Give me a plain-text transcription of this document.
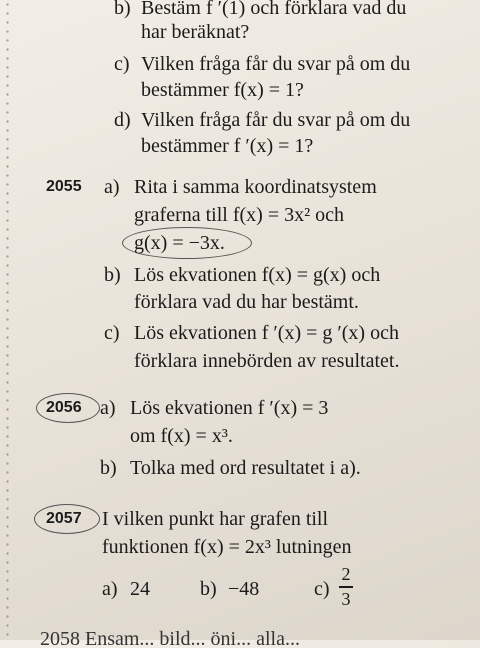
b) Bestäm f ′(1) och förklara vad du
har beräknat?
c) Vilken fråga får du svar på om du
bestämmer f(x) = 1?
d) Vilken fråga får du svar på om du
bestämmer f ′(x) = 1?
2055 a) Rita i samma koordinatsystem
graferna till f(x) = 3x² och
g(x) = −3x.
b) Lös ekvationen f(x) = g(x) och
förklara vad du har bestämt.
c) Lös ekvationen f ′(x) = g ′(x) och
förklara innebörden av resultatet.
2056 a) Lös ekvationen f ′(x) = 3
om f(x) = x³.
b) Tolka med ord resultatet i a).
2057 I vilken punkt har grafen till
funktionen f(x) = 2x³ lutningen
a) 24	b) −48	c)
2
3
2058 Ensam... bild... öni... alla...
